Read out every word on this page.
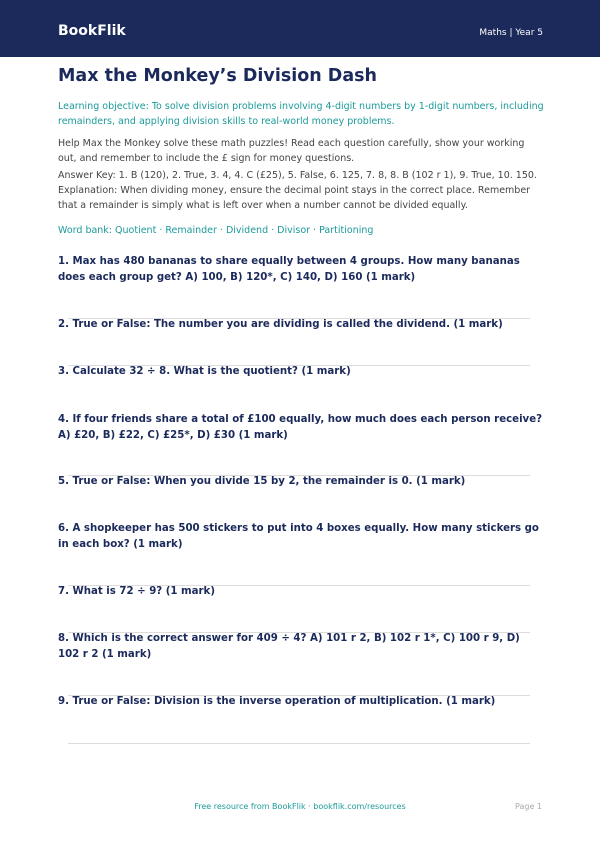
BookFlik	Maths | Year 5
Max the Monkey’s Division Dash

Learning objective: To solve division problems involving 4-digit numbers by 1-digit numbers, including remainders, and applying division skills to real-world money problems.

Help Max the Monkey solve these math puzzles! Read each question carefully, show your working out, and remember to include the £ sign for money questions.

Answer Key: 1. B (120), 2. True, 3. 4, 4. C (£25), 5. False, 6. 125, 7. 8, 8. B (102 r 1), 9. True, 10. 150. Explanation: When dividing money, ensure the decimal point stays in the correct place. Remember that a remainder is simply what is left over when a number cannot be divided equally.

Word bank: Quotient · Remainder · Dividend · Divisor · Partitioning

1. Max has 480 bananas to share equally between 4 groups. How many bananas does each group get? A) 100, B) 120*, C) 140, D) 160 (1 mark)

2. True or False: The number you are dividing is called the dividend. (1 mark)

3. Calculate 32 ÷ 8. What is the quotient? (1 mark)

4. If four friends share a total of £100 equally, how much does each person receive? A) £20, B) £22, C) £25*, D) £30 (1 mark)

5. True or False: When you divide 15 by 2, the remainder is 0. (1 mark)

6. A shopkeeper has 500 stickers to put into 4 boxes equally. How many stickers go in each box? (1 mark)

7. What is 72 ÷ 9? (1 mark)

8. Which is the correct answer for 409 ÷ 4? A) 101 r 2, B) 102 r 1*, C) 100 r 9, D) 102 r 2 (1 mark)

9. True or False: Division is the inverse operation of multiplication. (1 mark)

Free resource from BookFlik · bookflik.com/resources	Page 1
